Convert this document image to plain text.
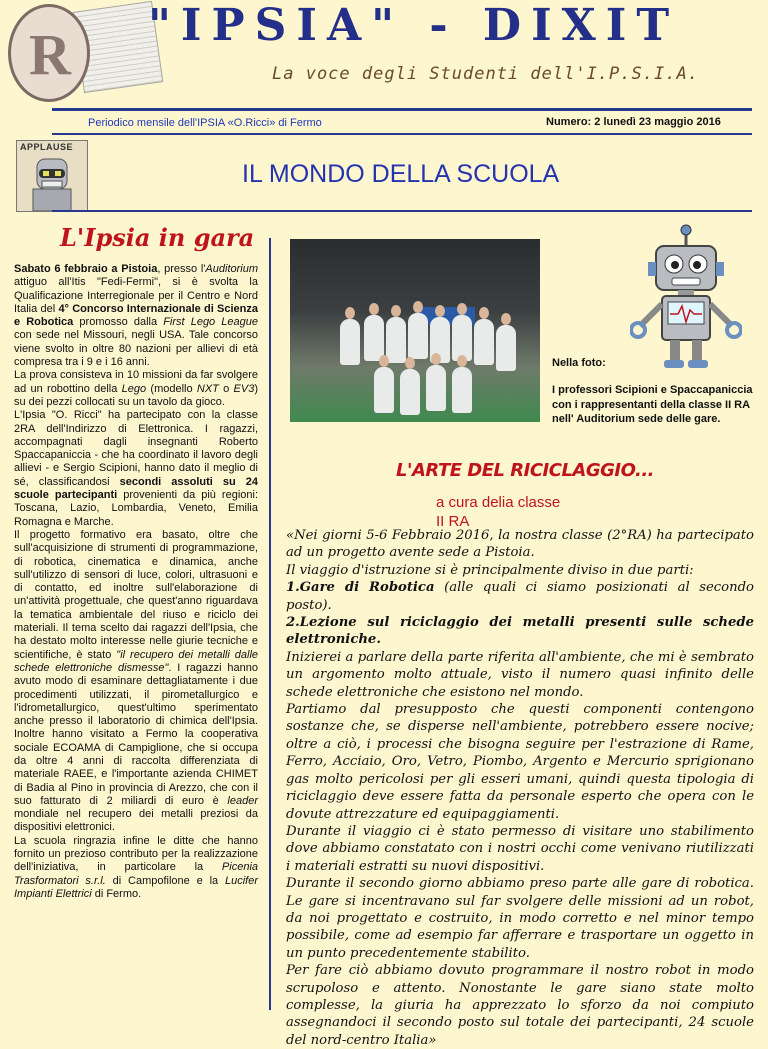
R "IPSIA" - DIXIT
La voce degli Studenti dell'I.P.S.I.A.
Periodico mensile dell'IPSIA «O.Ricci» di Fermo	Numero: 2 lunedì 23 maggio 2016
APPLAUSE
IL MONDO DELLA SCUOLA
L'Ipsia in gara

Sabato 6 febbraio a Pistoia, presso l'Auditorium attiguo all'Itis "Fedi-Fermi", si è svolta la Qualificazione Interregionale per il Centro e Nord Italia del 4° Concorso Internazionale di Scienza e Robotica promosso dalla First Lego League con sede nel Missouri, negli USA. Tale concorso viene svolto in oltre 80 nazioni per allievi di età compresa tra i 9 e i 16 anni.

La prova consisteva in 10 missioni da far svolgere ad un robottino della Lego (modello NXT o EV3) su dei pezzi collocati su un tavolo da gioco.

L'Ipsia "O. Ricci" ha partecipato con la classe 2RA dell'Indirizzo di Elettronica. I ragazzi, accompagnati dagli insegnanti Roberto Spaccapaniccia - che ha coordinato il lavoro degli allievi - e Sergio Scipioni, hanno dato il meglio di sé, classificandosi secondi assoluti su 24 scuole partecipanti provenienti da più regioni: Toscana, Lazio, Lombardia, Veneto, Emilia Romagna e Marche.

Il progetto formativo era basato, oltre che sull'acquisizione di strumenti di programmazione, di robotica, cinematica e dinamica, anche sull'utilizzo di sensori di luce, colori, ultrasuoni e di contatto, ed inoltre sull'elaborazione di un'attività progettuale, che quest'anno riguardava la tematica ambientale del riuso e riciclo dei materiali. Il tema scelto dai ragazzi dell'Ipsia, che ha destato molto interesse nelle giurie tecniche e scientifiche, è stato "il recupero dei metalli dalle schede elettroniche dismesse". I ragazzi hanno avuto modo di esaminare dettagliatamente i due procedimenti utilizzati, il pirometallurgico e l'idrometallurgico, quest'ultimo sperimentato anche presso il laboratorio di chimica dell'Ipsia. Inoltre hanno visitato a Fermo la cooperativa sociale ECOAMA di Campiglione, che si occupa da oltre 4 anni di raccolta differenziata di materiale RAEE, e l'importante azienda CHIMET di Badia al Pino in provincia di Arezzo, che con il suo fatturato di 2 miliardi di euro è leader mondiale nel recupero dei metalli preziosi da dispositivi elettronici.

La scuola ringrazia infine le ditte che hanno fornito un prezioso contributo per la realizzazione dell'iniziativa, in particolare la Picenia Trasformatori s.r.l. di Campofilone e la Lucifer Impianti Elettrici di Fermo.

Nella foto:
I professori Scipioni e Spaccapaniccia con i rappresentanti della classe II RA nell' Auditorium sede delle gare.
L'ARTE DEL RICICLAGGIO...
a cura delia classe
II RA

«Nei giorni 5-6 Febbraio 2016, la nostra classe (2°RA) ha partecipato ad un progetto avente sede a Pistoia.

Il viaggio d'istruzione si è principalmente diviso in due parti:

1.Gare di Robotica (alle quali ci siamo posizionati al secondo posto).

2.Lezione sul riciclaggio dei metalli presenti sulle schede elettroniche.

Inizierei a parlare della parte riferita all'ambiente, che mi è sembrato un argomento molto attuale, visto il numero quasi infinito delle schede elettroniche che esistono nel mondo.

Partiamo dal presupposto che questi componenti contengono sostanze che, se disperse nell'ambiente, potrebbero essere nocive; oltre a ciò, i processi che bisogna seguire per l'estrazione di Rame, Ferro, Acciaio, Oro, Vetro, Piombo, Argento e Mercurio sprigionano gas molto pericolosi per gli esseri umani, quindi questa tipologia di riciclaggio deve essere fatta da personale esperto che opera con le dovute attrezzature ed equipaggiamenti.

Durante il viaggio ci è stato permesso di visitare uno stabilimento dove abbiamo constatato con i nostri occhi come venivano riutilizzati i materiali estratti su nuovi dispositivi.

Durante il secondo giorno abbiamo preso parte alle gare di robotica. Le gare si incentravano sul far svolgere delle missioni ad un robot, da noi progettato e costruito, in modo corretto e nel minor tempo possibile, come ad esempio far afferrare e trasportare un oggetto in un punto precedentemente stabilito.

Per fare ciò abbiamo dovuto programmare il nostro robot in modo scrupoloso e attento. Nonostante le gare siano state molto complesse, la giuria ha apprezzato lo sforzo da noi compiuto assegnandoci il secondo posto sul totale dei partecipanti, 24 scuole del nord-centro Italia»
